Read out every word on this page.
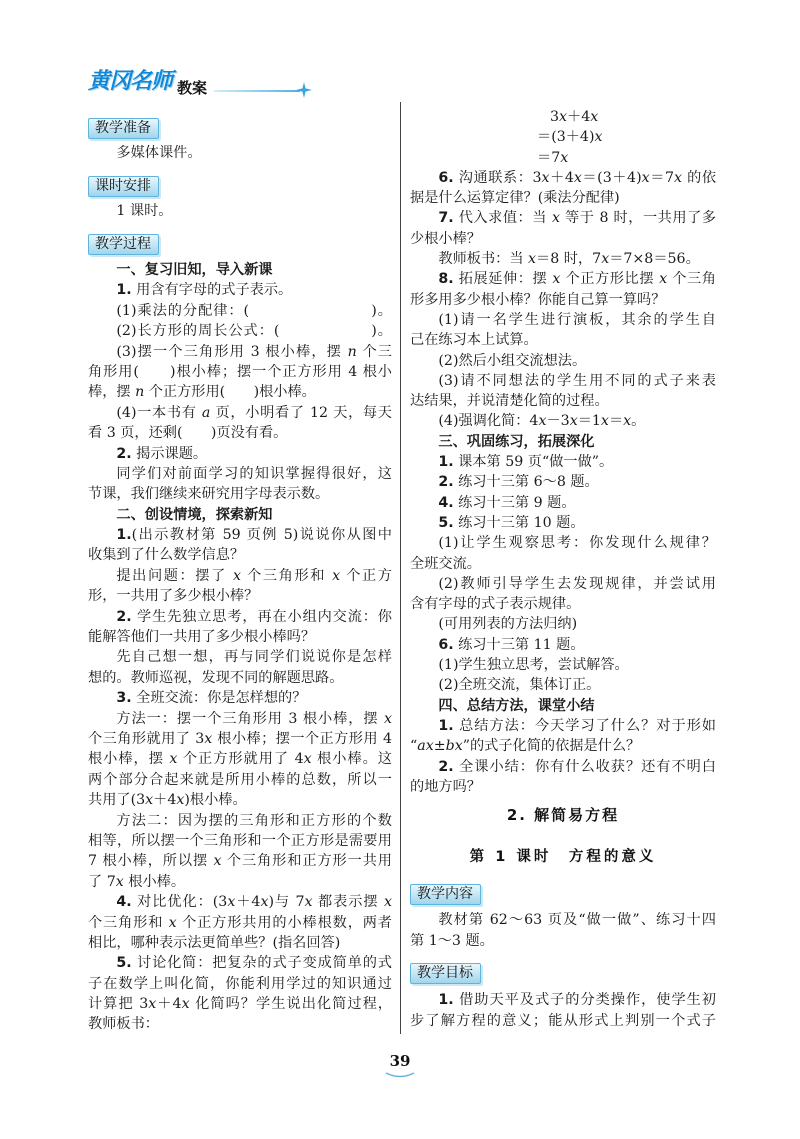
黄冈名师 教案
教学准备
多媒体课件。
课时安排
1 课时。
教学过程
一、复习旧知，导入新课
1. 用含有字母的式子表示。
(1)乘法的分配律：(　　　　　　　　)。
(2)长方形的周长公式：(　　　　　　)。
(3)摆一个三角形用 3 根小棒，摆 n 个三
角形用(　　)根小棒；摆一个正方形用 4 根小
棒，摆 n 个正方形用(　　)根小棒。
(4)一本书有 a 页，小明看了 12 天，每天
看 3 页，还剩(　　)页没有看。
2. 揭示课题。
同学们对前面学习的知识掌握得很好，这
节课，我们继续来研究用字母表示数。
二、创设情境，探索新知
1.(出示教材第 59 页例 5)说说你从图中
收集到了什么数学信息？
提出问题：摆了 x 个三角形和 x 个正方
形，一共用了多少根小棒？
2. 学生先独立思考，再在小组内交流：你
能解答他们一共用了多少根小棒吗？
先自己想一想，再与同学们说说你是怎样
想的。教师巡视，发现不同的解题思路。
3. 全班交流：你是怎样想的？
方法一：摆一个三角形用 3 根小棒，摆 x
个三角形就用了 3x 根小棒；摆一个正方形用 4
根小棒，摆 x 个正方形就用了 4x 根小棒。这
两个部分合起来就是所用小棒的总数，所以一
共用了(3x＋4x)根小棒。
方法二：因为摆的三角形和正方形的个数
相等，所以摆一个三角形和一个正方形是需要用
7 根小棒，所以摆 x 个三角形和正方形一共用
了 7x 根小棒。
4. 对比优化：(3x＋4x)与 7x 都表示摆 x
个三角形和 x 个正方形共用的小棒根数，两者
相比，哪种表示法更简单些？(指名回答)
5. 讨论化简：把复杂的式子变成简单的式
子在数学上叫化简，你能利用学过的知识通过
计算把 3x＋4x 化简吗？学生说出化简过程，
教师板书：
3x＋4x
＝(3＋4)x
＝7x
6. 沟通联系：3x＋4x＝(3＋4)x＝7x 的依
据是什么运算定律？(乘法分配律)
7. 代入求值：当 x 等于 8 时，一共用了多
少根小棒？
教师板书：当 x＝8 时，7x＝7×8＝56。
8. 拓展延伸：摆 x 个正方形比摆 x 个三角
形多用多少根小棒？你能自己算一算吗？
(1)请一名学生进行演板，其余的学生自
己在练习本上试算。
(2)然后小组交流想法。
(3)请不同想法的学生用不同的式子来表
达结果，并说清楚化简的过程。
(4)强调化简：4x－3x＝1x＝x。
三、巩固练习，拓展深化
1. 课本第 59 页“做一做”。
2. 练习十三第 6～8 题。
4. 练习十三第 9 题。
5. 练习十三第 10 题。
(1)让学生观察思考：你发现什么规律？
全班交流。
(2)教师引导学生去发现规律，并尝试用
含有字母的式子表示规律。
(可用列表的方法归纳)
6. 练习十三第 11 题。
(1)学生独立思考，尝试解答。
(2)全班交流，集体订正。
四、总结方法，课堂小结
1. 总结方法：今天学习了什么？对于形如
“ax±bx”的式子化简的依据是什么？
2. 全课小结：你有什么收获？还有不明白
的地方吗？
2. 解简易方程
第 1 课时　方程的意义
教学内容
教材第 62～63 页及“做一做”、练习十四
第 1～3 题。
教学目标
1. 借助天平及式子的分类操作，使学生初
步了解方程的意义；能从形式上判别一个式子
39
